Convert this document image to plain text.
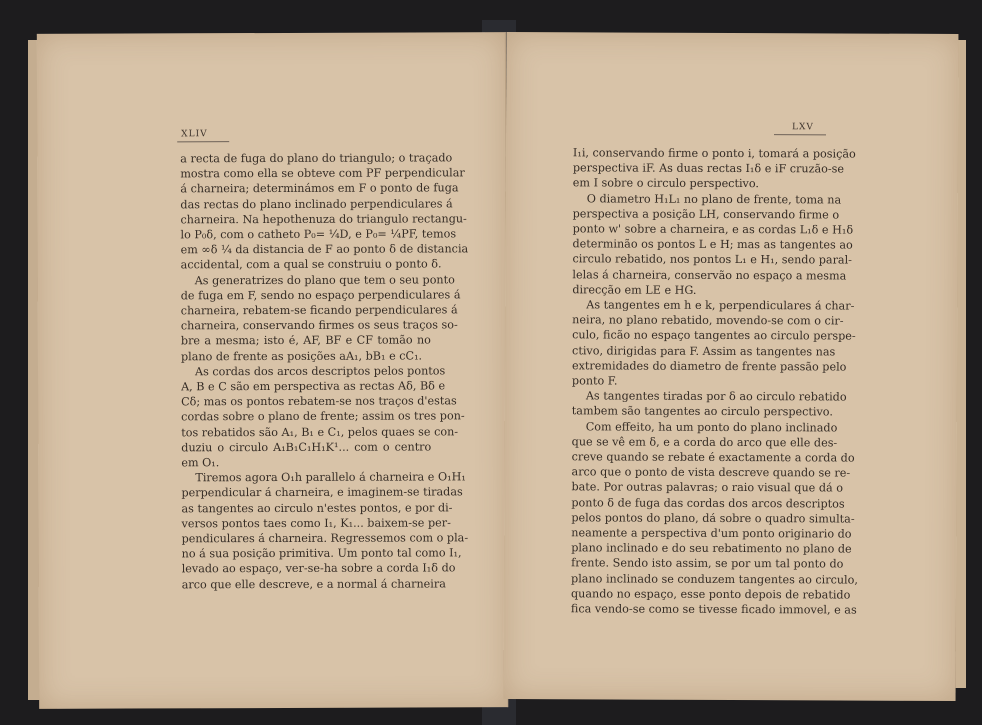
XLIV
a recta de fuga do plano do triangulo; o traçado
mostra como ella se obteve com PF perpendicular
á charneira; determinámos em F o ponto de fuga
das rectas do plano inclinado perpendiculares á
charneira. Na hepothenuza do triangulo rectangu-
lo P₀δ, com o catheto P₀= ¼D, e P₀= ¼PF, temos
em ∞δ ¼ da distancia de F ao ponto δ de distancia
accidental, com a qual se construiu o ponto δ.
As generatrizes do plano que tem o seu ponto
de fuga em F, sendo no espaço perpendiculares á
charneira, rebatem-se ficando perpendiculares á
charneira, conservando firmes os seus traços so-
bre a mesma; isto é, AF, BF e CF tomão no
plano de frente as posições aA₁, bB₁ e cC₁.
As cordas dos arcos descriptos pelos pontos
A, B e C são em perspectiva as rectas Aδ, Bδ e
Cδ; mas os pontos rebatem-se nos traços d'estas
cordas sobre o plano de frente; assim os tres pon-
tos rebatidos são A₁, B₁ e C₁, pelos quaes se con-
duziu o circulo A₁B₁C₁H₁K¹... com o centro
em O₁.
Tiremos agora O₁h parallelo á charneira e O₁H₁
perpendicular á charneira, e imaginem-se tiradas
as tangentes ao circulo n'estes pontos, e por di-
versos pontos taes como I₁, K₁... baixem-se per-
pendiculares á charneira. Regressemos com o pla-
no á sua posição primitiva. Um ponto tal como I₁,
levado ao espaço, ver-se-ha sobre a corda I₁δ do
arco que elle descreve, e a normal á charneira
LXV
I₁i, conservando firme o ponto i, tomará a posição
perspectiva iF. As duas rectas I₁δ e iF cruzão-se
em I sobre o circulo perspectivo.
O diametro H₁L₁ no plano de frente, toma na
perspectiva a posição LH, conservando firme o
ponto w' sobre a charneira, e as cordas L₁δ e H₁δ
determinão os pontos L e H; mas as tangentes ao
circulo rebatido, nos pontos L₁ e H₁, sendo paral-
lelas á charneira, conservão no espaço a mesma
direcção em LE e HG.
As tangentes em h e k, perpendiculares á char-
neira, no plano rebatido, movendo-se com o cir-
culo, ficão no espaço tangentes ao circulo perspe-
ctivo, dirigidas para F. Assim as tangentes nas
extremidades do diametro de frente passão pelo
ponto F.
As tangentes tiradas por δ ao circulo rebatido
tambem são tangentes ao circulo perspectivo.
Com effeito, ha um ponto do plano inclinado
que se vê em δ, e a corda do arco que elle des-
creve quando se rebate é exactamente a corda do
arco que o ponto de vista descreve quando se re-
bate. Por outras palavras; o raio visual que dá o
ponto δ de fuga das cordas dos arcos descriptos
pelos pontos do plano, dá sobre o quadro simulta-
neamente a perspectiva d'um ponto originario do
plano inclinado e do seu rebatimento no plano de
frente. Sendo isto assim, se por um tal ponto do
plano inclinado se conduzem tangentes ao circulo,
quando no espaço, esse ponto depois de rebatido
fica vendo-se como se tivesse ficado immovel, e as
